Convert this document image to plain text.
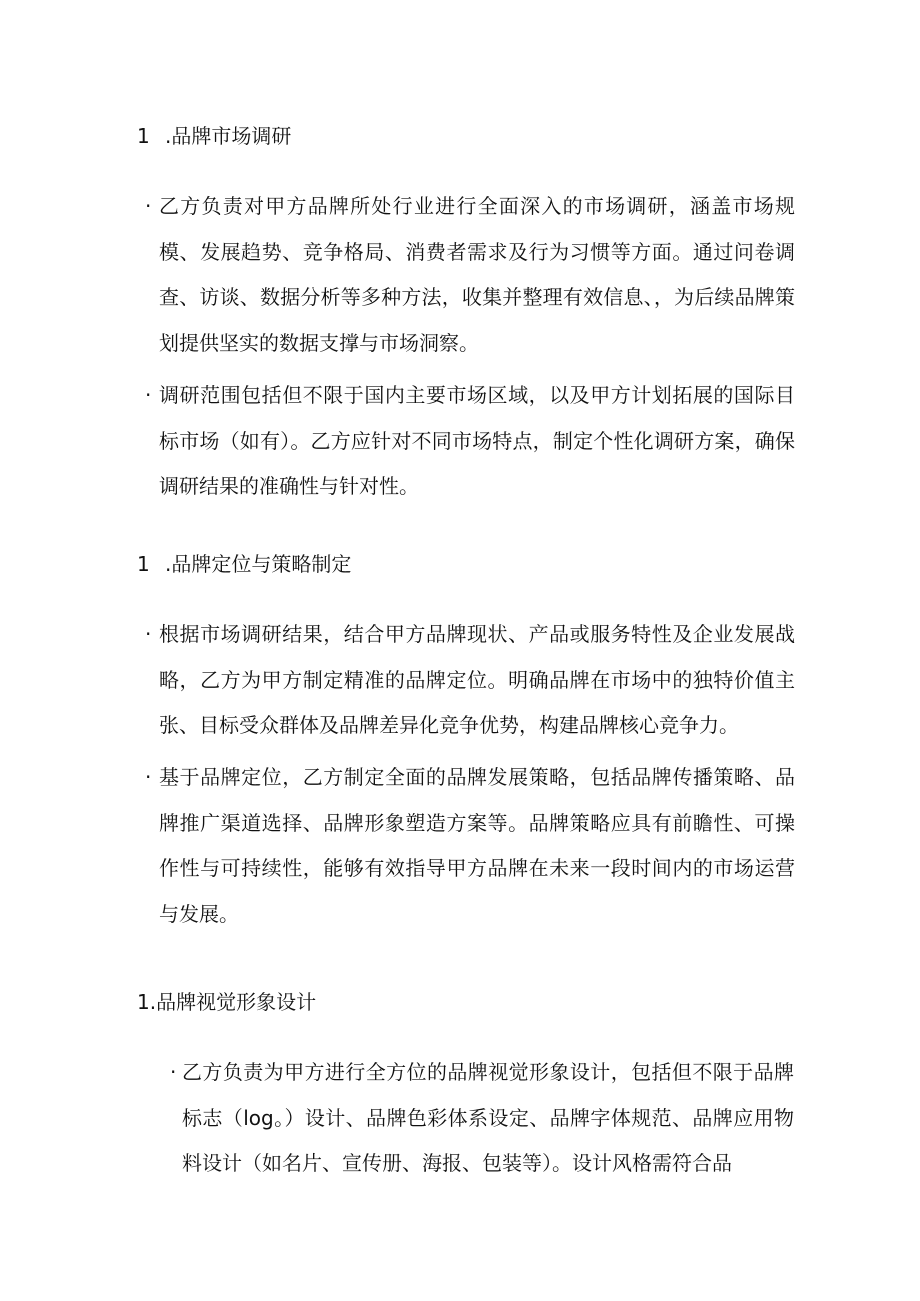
1 .品牌市场调研
· 乙方负责对甲方品牌所处行业进行全面深入的市场调研，涵盖市场规模、发展趋势、竞争格局、消费者需求及行为习惯等方面。通过问卷调查、访谈、数据分析等多种方法，收集并整理有效信息、，为后续品牌策划提供坚实的数据支撑与市场洞察。
· 调研范围包括但不限于国内主要市场区域，以及甲方计划拓展的国际目标市场（如有）。乙方应针对不同市场特点，制定个性化调研方案，确保调研结果的准确性与针对性。
1 .品牌定位与策略制定
· 根据市场调研结果，结合甲方品牌现状、产品或服务特性及企业发展战略，乙方为甲方制定精准的品牌定位。明确品牌在市场中的独特价值主张、目标受众群体及品牌差异化竞争优势，构建品牌核心竞争力。
· 基于品牌定位，乙方制定全面的品牌发展策略，包括品牌传播策略、品牌推广渠道选择、品牌形象塑造方案等。品牌策略应具有前瞻性、可操作性与可持续性，能够有效指导甲方品牌在未来一段时间内的市场运营与发展。
1.品牌视觉形象设计
· 乙方负责为甲方进行全方位的品牌视觉形象设计，包括但不限于品牌标志（log。）设计、品牌色彩体系设定、品牌字体规范、品牌应用物料设计（如名片、宣传册、海报、包装等）。设计风格需符合品
